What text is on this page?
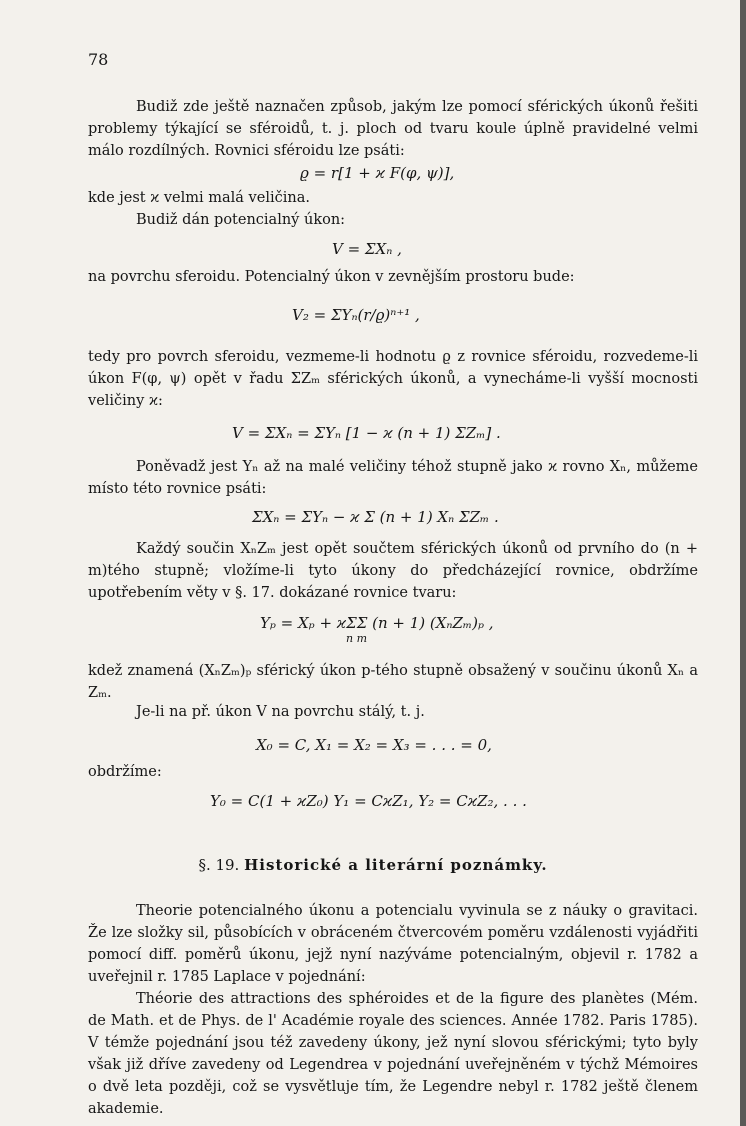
78
Budiž zde ještě naznačen způsob, jakým lze pomocí sférických úkonů řešiti problemy týkající se sféroidů, t. j. ploch od tvaru koule úplně pravidelné velmi málo rozdílných. Rovnici sféroidu lze psáti:
ϱ = r[1 + ϰ F(φ, ψ)],
kde jest ϰ velmi malá veličina.
Budiž dán potencialný úkon:
V = ΣXₙ ,
na povrchu sferoidu. Potencialný úkon v zevnějším prostoru bude:
V₂ = ΣYₙ(r/ϱ)ⁿ⁺¹ ,
tedy pro povrch sferoidu, vezmeme-li hodnotu ϱ z rovnice sféroidu, rozvedeme-li úkon F(φ, ψ) opět v řadu ΣZₘ sférických úkonů, a vynecháme-li vyšší mocnosti veličiny ϰ:
V = ΣXₙ = ΣYₙ [1 − ϰ (n + 1) ΣZₘ] .
Poněvadž jest Yₙ až na malé veličiny téhož stupně jako ϰ rovno Xₙ, můžeme místo této rovnice psáti:
ΣXₙ = ΣYₙ − ϰ Σ (n + 1) Xₙ ΣZₘ .
Každý součin XₙZₘ jest opět součtem sférických úkonů od prvního do (n + m)tého stupně; vložíme-li tyto úkony do předcházející rovnice, obdržíme upotřebením věty v §. 17. dokázané rovnice tvaru:
Yₚ = Xₚ + ϰΣΣ (n + 1) (XₙZₘ)ₚ ,
n m
kdež znamená (XₙZₘ)ₚ sférický úkon p-tého stupně obsažený v součinu úkonů Xₙ a Zₘ.
Je-li na př. úkon V na povrchu stálý, t. j.
X₀ = C, X₁ = X₂ = X₃ = . . . = 0,
obdržíme:
Y₀ = C(1 + ϰZ₀) Y₁ = CϰZ₁, Y₂ = CϰZ₂, . . .
§. 19. Historické a literární poznámky.
Theorie potencialného úkonu a potencialu vyvinula se z náuky o gravitaci. Že lze složky sil, působících v obráceném čtvercovém poměru vzdálenosti vyjádřiti pomocí diff. poměrů úkonu, jejž nyní nazýváme potencialným, objevil r. 1782 a uveřejnil r. 1785 Laplace v pojednání:
Théorie des attractions des sphéroides et de la figure des planètes (Mém. de Math. et de Phys. de l' Académie royale des sciences. Année 1782. Paris 1785). V témže pojednání jsou též zavedeny úkony, jež nyní slovou sférickými; tyto byly však již dříve zavedeny od Legendrea v pojednání uveřejněném v týchž Mémoires o dvě leta později, což se vysvětluje tím, že Legendre nebyl r. 1782 ještě členem akademie.
